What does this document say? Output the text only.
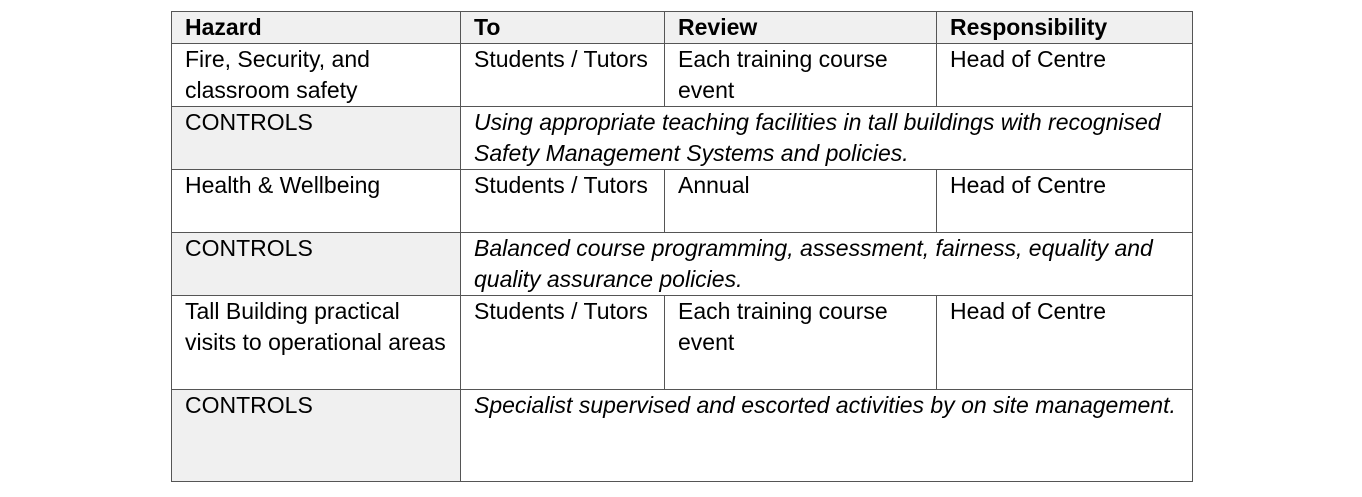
Hazard	To	Review	Responsibility
Fire, Security, and classroom safety	Students / Tutors	Each training course event	Head of Centre
CONTROLS	Using appropriate teaching facilities in tall buildings with recognised Safety Management Systems and policies.		
Health & Wellbeing	Students / Tutors	Annual	Head of Centre
CONTROLS	Balanced course programming, assessment, fairness, equality and quality assurance policies.		
Tall Building practical visits to operational areas	Students / Tutors	Each training course event	Head of Centre
CONTROLS	Specialist supervised and escorted activities by on site management.		
